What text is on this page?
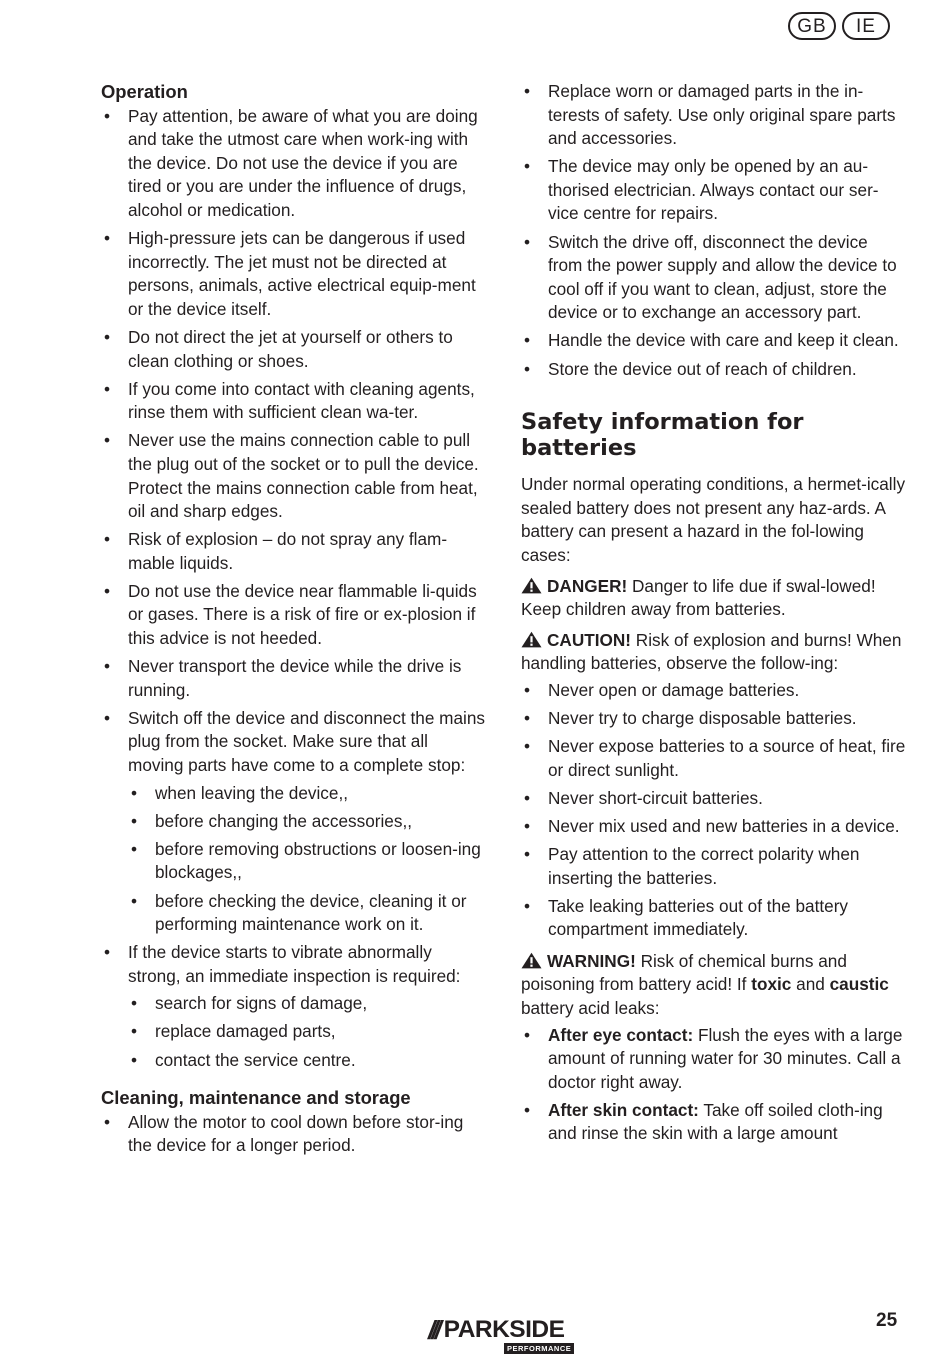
GB	IE
Operation
• Pay attention, be aware of what you are doing and take the utmost care when work-ing with the device. Do not use the device if you are tired or you are under the influence of drugs, alcohol or medication.
• High-pressure jets can be dangerous if used incorrectly. The jet must not be directed at persons, animals, active electrical equip-ment or the device itself.
• Do not direct the jet at yourself or others to clean clothing or shoes.
• If you come into contact with cleaning agents, rinse them with sufficient clean wa-ter.
• Never use the mains connection cable to pull the plug out of the socket or to pull the device. Protect the mains connection cable from heat, oil and sharp edges.
• Risk of explosion – do not spray any flam-mable liquids.
• Do not use the device near flammable li-quids or gases. There is a risk of fire or ex-plosion if this advice is not heeded.
• Never transport the device while the drive is running.
• Switch off the device and disconnect the mains plug from the socket. Make sure that all moving parts have come to a complete stop:
• when leaving the device,,
• before changing the accessories,,
• before removing obstructions or loosen-ing blockages,,
• before checking the device, cleaning it or performing maintenance work on it.
• If the device starts to vibrate abnormally strong, an immediate inspection is required:
• search for signs of damage,
• replace damaged parts,
• contact the service centre.
Cleaning, maintenance and storage
• Allow the motor to cool down before stor-ing the device for a longer period.
• Replace worn or damaged parts in the in-terests of safety. Use only original spare parts and accessories.
• The device may only be opened by an au-thorised electrician. Always contact our ser-vice centre for repairs.
• Switch the drive off, disconnect the device from the power supply and allow the device to cool off if you want to clean, adjust, store the device or to exchange an accessory part.
• Handle the device with care and keep it clean.
• Store the device out of reach of children.
Safety information for batteries

Under normal operating conditions, a hermet-ically sealed battery does not present any haz-ards. A battery can present a hazard in the fol-lowing cases:

DANGER! Danger to life due if swal-lowed! Keep children away from batteries.

CAUTION! Risk of explosion and burns! When handling batteries, observe the follow-ing:

• Never open or damage batteries.
• Never try to charge disposable batteries.
• Never expose batteries to a source of heat, fire or direct sunlight.
• Never short-circuit batteries.
• Never mix used and new batteries in a device.
• Pay attention to the correct polarity when inserting the batteries.
• Take leaking batteries out of the battery compartment immediately.

WARNING! Risk of chemical burns and poisoning from battery acid! If toxic and caustic battery acid leaks:

• After eye contact: Flush the eyes with a large amount of running water for 30 minutes. Call a doctor right away.
• After skin contact: Take off soiled cloth-ing and rinse the skin with a large amount
/// PARKSIDE
PERFORMANCE
25
